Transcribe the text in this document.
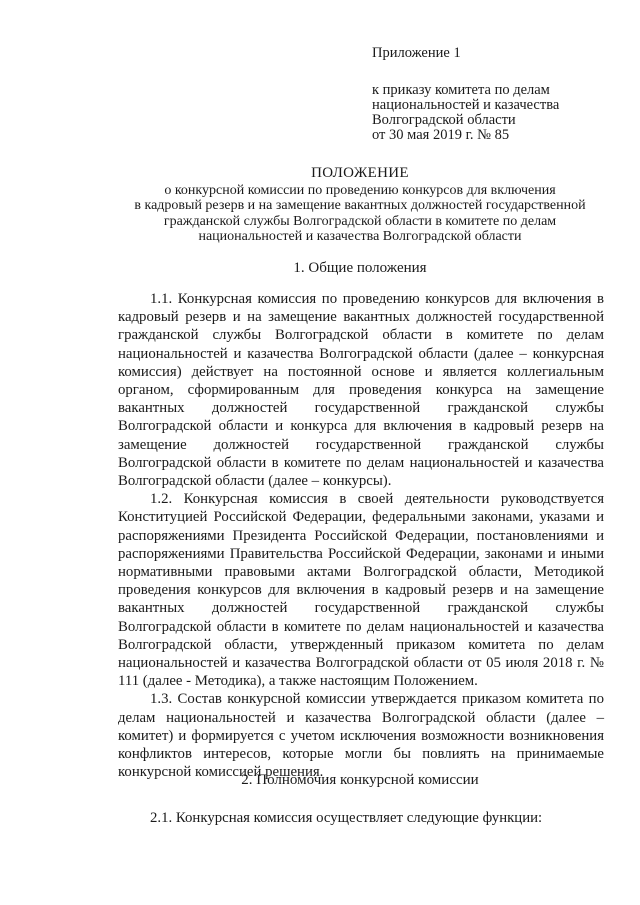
Приложение 1
к приказу комитета по делам
национальностей и казачества
Волгоградской области
от 30 мая 2019 г. № 85
ПОЛОЖЕНИЕ
о конкурсной комиссии по проведению конкурсов для включения
в кадровый резерв и на замещение вакантных должностей государственной
гражданской службы Волгоградской области в комитете по делам
национальностей и казачества Волгоградской области
1. Общие положения

1.1. Конкурсная комиссия по проведению конкурсов для включения в кадровый резерв и на замещение вакантных должностей государственной гражданской службы Волгоградской области в комитете по делам национальностей и казачества Волгоградской области (далее – конкурсная комиссия) действует на постоянной основе и является коллегиальным органом, сформированным для проведения конкурса на замещение вакантных должностей государственной гражданской службы Волгоградской области и конкурса для включения в кадровый резерв на замещение должностей государственной гражданской службы Волгоградской области в комитете по делам национальностей и казачества Волгоградской области (далее – конкурсы).

1.2. Конкурсная комиссия в своей деятельности руководствуется Конституцией Российской Федерации, федеральными законами, указами и распоряжениями Президента Российской Федерации, постановлениями и распоряжениями Правительства Российской Федерации, законами и иными нормативными правовыми актами Волгоградской области, Методикой проведения конкурсов для включения в кадровый резерв и на замещение вакантных должностей государственной гражданской службы Волгоградской области в комитете по делам национальностей и казачества Волгоградской области, утвержденный приказом комитета по делам национальностей и казачества Волгоградской области от 05 июля 2018 г. № 111 (далее - Методика), а также настоящим Положением.

1.3. Состав конкурсной комиссии утверждается приказом комитета по делам национальностей и казачества Волгоградской области (далее – комитет) и формируется с учетом исключения возможности возникновения конфликтов интересов, которые могли бы повлиять на принимаемые конкурсной комиссией решения.

2. Полномочия конкурсной комиссии
2.1. Конкурсная комиссия осуществляет следующие функции:
